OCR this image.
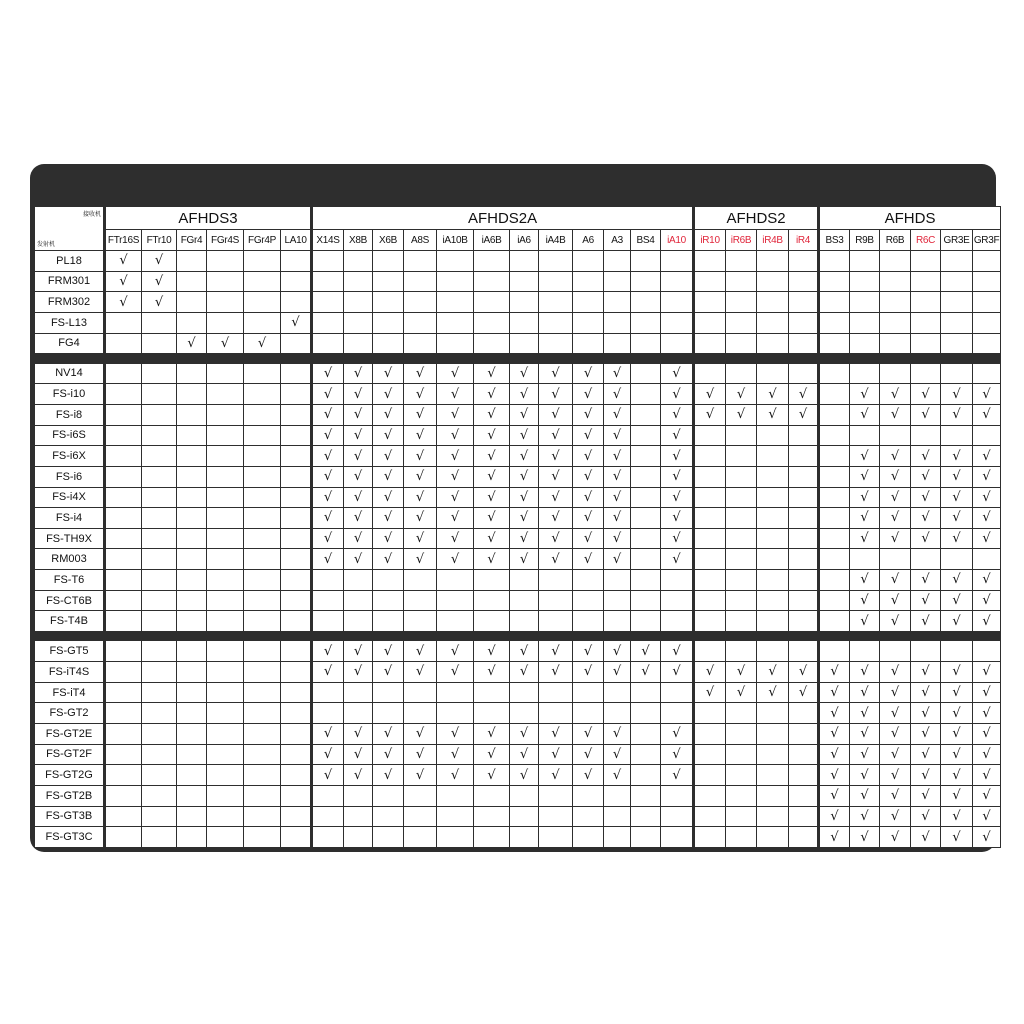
接收机
发射机	AFHDS3						AFHDS2A												AFHDS2				AFHDS					
	FTr16S	FTr10	FGr4	FGr4S	FGr4P	LA10	X14S	X8B	X6B	A8S	iA10B	iA6B	iA6	iA4B	A6	A3	BS4	iA10	iR10	iR6B	iR4B	iR4	BS3	R9B	R6B	R6C	GR3E	GR3F
PL18	√	√																										
FRM301	√	√																										
FRM302	√	√																										
FS-L13						√																						
FG4			√	√	√																							

NV14							√	√	√	√	√	√	√	√	√	√		√										
FS-i10							√	√	√	√	√	√	√	√	√	√		√	√	√	√	√		√	√	√	√	√
FS-i8							√	√	√	√	√	√	√	√	√	√		√	√	√	√	√		√	√	√	√	√
FS-i6S							√	√	√	√	√	√	√	√	√	√		√										
FS-i6X							√	√	√	√	√	√	√	√	√	√		√						√	√	√	√	√
FS-i6							√	√	√	√	√	√	√	√	√	√		√						√	√	√	√	√
FS-i4X							√	√	√	√	√	√	√	√	√	√		√						√	√	√	√	√
FS-i4							√	√	√	√	√	√	√	√	√	√		√						√	√	√	√	√
FS-TH9X							√	√	√	√	√	√	√	√	√	√		√						√	√	√	√	√
RM003							√	√	√	√	√	√	√	√	√	√		√										
FS-T6																								√	√	√	√	√
FS-CT6B																								√	√	√	√	√
FS-T4B																								√	√	√	√	√

FS-GT5							√	√	√	√	√	√	√	√	√	√	√	√										
FS-iT4S							√	√	√	√	√	√	√	√	√	√	√	√	√	√	√	√	√	√	√	√	√	√
FS-iT4																			√	√	√	√	√	√	√	√	√	√
FS-GT2																							√	√	√	√	√	√
FS-GT2E							√	√	√	√	√	√	√	√	√	√		√					√	√	√	√	√	√
FS-GT2F							√	√	√	√	√	√	√	√	√	√		√					√	√	√	√	√	√
FS-GT2G							√	√	√	√	√	√	√	√	√	√		√					√	√	√	√	√	√
FS-GT2B																							√	√	√	√	√	√
FS-GT3B																							√	√	√	√	√	√
FS-GT3C																							√	√	√	√	√	√
